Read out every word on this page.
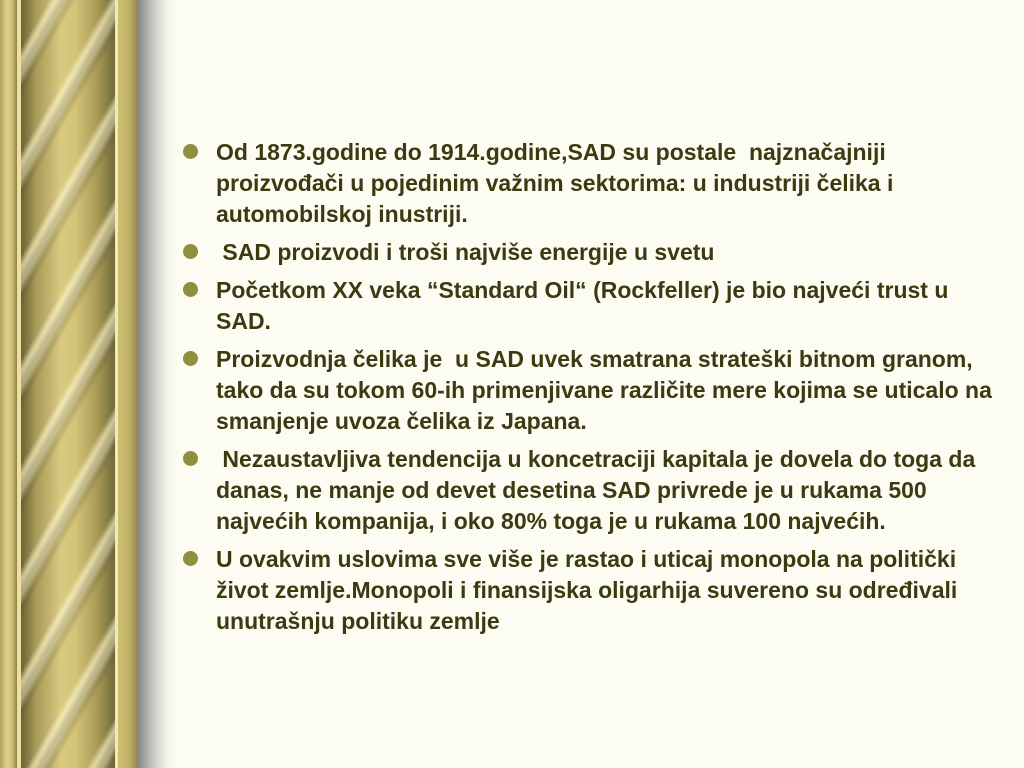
Od 1873.godine do 1914.godine,SAD su postale  najznačajniji proizvođači u pojedinim važnim sektorima: u industriji čelika i automobilskoj inustriji.
SAD proizvodi i troši najviše energije u svetu
Početkom XX veka “Standard Oil“ (Rockfeller) je bio najveći trust u SAD.
Proizvodnja čelika je  u SAD uvek smatrana strateški bitnom granom, tako da su tokom 60-ih primenjivane različite mere kojima se uticalo na smanjenje uvoza čelika iz Japana.
Nezaustavljiva tendencija u koncetraciji kapitala je dovela do toga da danas, ne manje od devet desetina SAD privrede je u rukama 500 najvećih kompanija, i oko 80% toga je u rukama 100 najvećih.
U ovakvim uslovima sve više je rastao i uticaj monopola na politički život zemlje.Monopoli i finansijska oligarhija suvereno su određivali unutrašnju politiku zemlje
